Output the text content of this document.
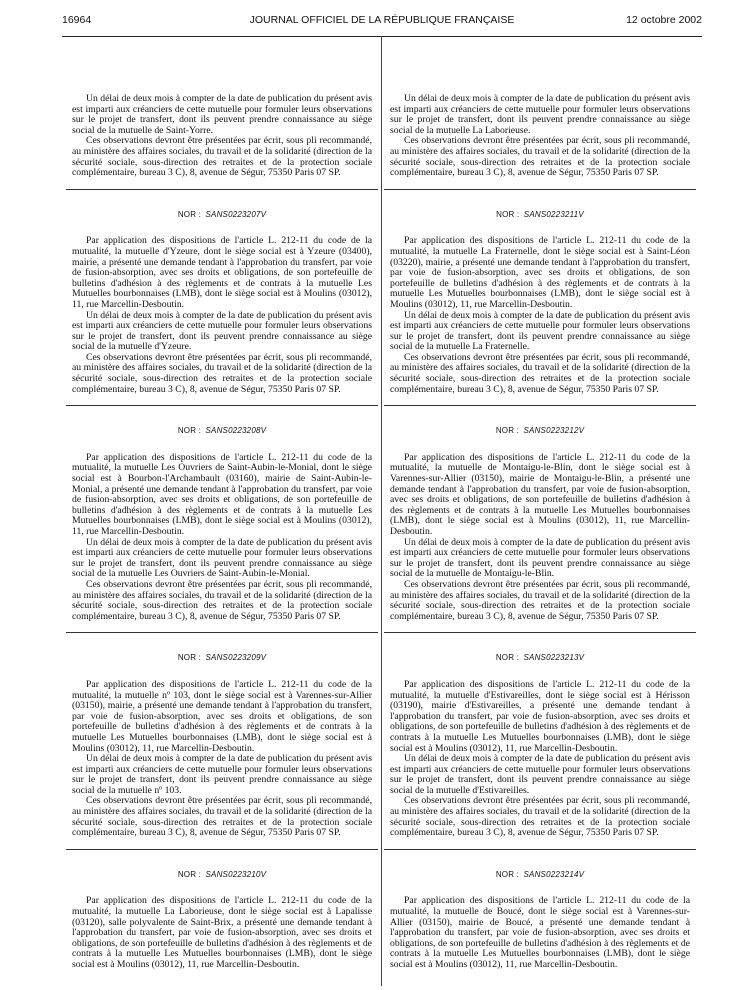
16964	JOURNAL OFFICIEL DE LA RÉPUBLIQUE FRANÇAISE	12 octobre 2002

Un délai de deux mois à compter de la date de publication du présent avis est imparti aux créanciers de cette mutuelle pour formuler leurs observations sur le projet de transfert, dont ils peuvent prendre connaissance au siège social de la mutuelle de Saint-Yorre.

Ces observations devront être présentées par écrit, sous pli recommandé, au ministère des affaires sociales, du travail et de la solidarité (direction de la sécurité sociale, sous-direction des retraites et de la protection sociale complémentaire, bureau 3 C), 8, avenue de Ségur, 75350 Paris 07 SP.

NOR : SANS0223207V

Par application des dispositions de l'article L. 212-11 du code de la mutualité, la mutuelle d'Yzeure, dont le siège social est à Yzeure (03400), mairie, a présenté une demande tendant à l'approbation du transfert, par voie de fusion-absorption, avec ses droits et obligations, de son portefeuille de bulletins d'adhésion à des règlements et de contrats à la mutuelle Les Mutuelles bourbonnaises (LMB), dont le siège social est à Moulins (03012), 11, rue Marcellin-Desboutin.

Un délai de deux mois à compter de la date de publication du présent avis est imparti aux créanciers de cette mutuelle pour formuler leurs observations sur le projet de transfert, dont ils peuvent prendre connaissance au siège social de la mutuelle d'Yzeure.

Ces observations devront être présentées par écrit, sous pli recommandé, au ministère des affaires sociales, du travail et de la solidarité (direction de la sécurité sociale, sous-direction des retraites et de la protection sociale complémentaire, bureau 3 C), 8, avenue de Ségur, 75350 Paris 07 SP.

NOR : SANS0223208V

Par application des dispositions de l'article L. 212-11 du code de la mutualité, la mutuelle Les Ouvriers de Saint-Aubin-le-Monial, dont le siège social est à Bourbon-l'Archambault (03160), mairie de Saint-Aubin-le-Monial, a présenté une demande tendant à l'approbation du transfert, par voie de fusion-absorption, avec ses droits et obligations, de son portefeuille de bulletins d'adhésion à des règlements et de contrats à la mutuelle Les Mutuelles bourbonnaises (LMB), dont le siège social est à Moulins (03012), 11, rue Marcellin-Desboutin.

Un délai de deux mois à compter de la date de publication du présent avis est imparti aux créanciers de cette mutuelle pour formuler leurs observations sur le projet de transfert, dont ils peuvent prendre connaissance au siège social de la mutuelle Les Ouvriers de Saint-Aubin-le-Monial.

Ces observations devront être présentées par écrit, sous pli recommandé, au ministère des affaires sociales, du travail et de la solidarité (direction de la sécurité sociale, sous-direction des retraites et de la protection sociale complémentaire, bureau 3 C), 8, avenue de Ségur, 75350 Paris 07 SP.

NOR : SANS0223209V

Par application des dispositions de l'article L. 212-11 du code de la mutualité, la mutuelle nº 103, dont le siège social est à Varennes-sur-Allier (03150), mairie, a présenté une demande tendant à l'approbation du transfert, par voie de fusion-absorption, avec ses droits et obligations, de son portefeuille de bulletins d'adhésion à des règlements et de contrats à la mutuelle Les Mutuelles bourbonnaises (LMB), dont le siège social est à Moulins (03012), 11, rue Marcellin-Desboutin.

Un délai de deux mois à compter de la date de publication du présent avis est imparti aux créanciers de cette mutuelle pour formuler leurs observations sur le projet de transfert, dont ils peuvent prendre connaissance au siège social de la mutuelle nº 103.

Ces observations devront être présentées par écrit, sous pli recommandé, au ministère des affaires sociales, du travail et de la solidarité (direction de la sécurité sociale, sous-direction des retraites et de la protection sociale complémentaire, bureau 3 C), 8, avenue de Ségur, 75350 Paris 07 SP.

NOR : SANS0223210V

Par application des dispositions de l'article L. 212-11 du code de la mutualité, la mutuelle La Laborieuse, dont le siège social est à Lapalisse (03120), salle polyvalente de Saint-Brix, a présenté une demande tendant à l'approbation du transfert, par voie de fusion-absorption, avec ses droits et obligations, de son portefeuille de bulletins d'adhésion à des règlements et de contrats à la mutuelle Les Mutuelles bourbonnaises (LMB), dont le siège social est à Moulins (03012), 11, rue Marcellin-Desboutin.

Un délai de deux mois à compter de la date de publication du présent avis est imparti aux créanciers de cette mutuelle pour formuler leurs observations sur le projet de transfert, dont ils peuvent prendre connaissance au siège social de la mutuelle La Laborieuse.

Ces observations devront être présentées par écrit, sous pli recommandé, au ministère des affaires sociales, du travail et de la solidarité (direction de la sécurité sociale, sous-direction des retraites et de la protection sociale complémentaire, bureau 3 C), 8, avenue de Ségur, 75350 Paris 07 SP.

NOR : SANS0223211V

Par application des dispositions de l'article L. 212-11 du code de la mutualité, la mutuelle La Fraternelle, dont le siège social est à Saint-Léon (03220), mairie, a présenté une demande tendant à l'approbation du transfert, par voie de fusion-absorption, avec ses droits et obligations, de son portefeuille de bulletins d'adhésion à des règlements et de contrats à la mutuelle Les Mutuelles bourbonnaises (LMB), dont le siège social est à Moulins (03012), 11, rue Marcellin-Desboutin.

Un délai de deux mois à compter de la date de publication du présent avis est imparti aux créanciers de cette mutuelle pour formuler leurs observations sur le projet de transfert, dont ils peuvent prendre connaissance au siège social de la mutuelle La Fraternelle.

Ces observations devront être présentées par écrit, sous pli recommandé, au ministère des affaires sociales, du travail et de la solidarité (direction de la sécurité sociale, sous-direction des retraites et de la protection sociale complémentaire, bureau 3 C), 8, avenue de Ségur, 75350 Paris 07 SP.

NOR : SANS0223212V

Par application des dispositions de l'article L. 212-11 du code de la mutualité, la mutuelle de Montaigu-le-Blin, dont le siège social est à Varennes-sur-Allier (03150), mairie de Montaigu-le-Blin, a présenté une demande tendant à l'approbation du transfert, par voie de fusion-absorption, avec ses droits et obligations, de son portefeuille de bulletins d'adhésion à des règlements et de contrats à la mutuelle Les Mutuelles bourbonnaises (LMB), dont le siège social est à Moulins (03012), 11, rue Marcellin-Desboutin.

Un délai de deux mois à compter de la date de publication du présent avis est imparti aux créanciers de cette mutuelle pour formuler leurs observations sur le projet de transfert, dont ils peuvent prendre connaissance au siège social de la mutuelle de Montaigu-le-Blin.

Ces observations devront être présentées par écrit, sous pli recommandé, au ministère des affaires sociales, du travail et de la solidarité (direction de la sécurité sociale, sous-direction des retraites et de la protection sociale complémentaire, bureau 3 C), 8, avenue de Ségur, 75350 Paris 07 SP.

NOR : SANS0223213V

Par application des dispositions de l'article L. 212-11 du code de la mutualité, la mutuelle d'Estivareilles, dont le siège social est à Hérisson (03190), mairie d'Estivareilles, a présenté une demande tendant à l'approbation du transfert, par voie de fusion-absorption, avec ses droits et obligations, de son portefeuille de bulletins d'adhésion à des règlements et de contrats à la mutuelle Les Mutuelles bourbonnaises (LMB), dont le siège social est à Moulins (03012), 11, rue Marcellin-Desboutin.

Un délai de deux mois à compter de la date de publication du présent avis est imparti aux créanciers de cette mutuelle pour formuler leurs observations sur le projet de transfert, dont ils peuvent prendre connaissance au siège social de la mutuelle d'Estivareilles.

Ces observations devront être présentées par écrit, sous pli recommandé, au ministère des affaires sociales, du travail et de la solidarité (direction de la sécurité sociale, sous-direction des retraites et de la protection sociale complémentaire, bureau 3 C), 8, avenue de Ségur, 75350 Paris 07 SP.

NOR : SANS0223214V

Par application des dispositions de l'article L. 212-11 du code de la mutualité, la mutuelle de Boucé, dont le siège social est à Varennes-sur-Allier (03150), mairie de Boucé, a présenté une demande tendant à l'approbation du transfert, par voie de fusion-absorption, avec ses droits et obligations, de son portefeuille de bulletins d'adhésion à des règlements et de contrats à la mutuelle Les Mutuelles bourbonnaises (LMB), dont le siège social est à Moulins (03012), 11, rue Marcellin-Desboutin.
